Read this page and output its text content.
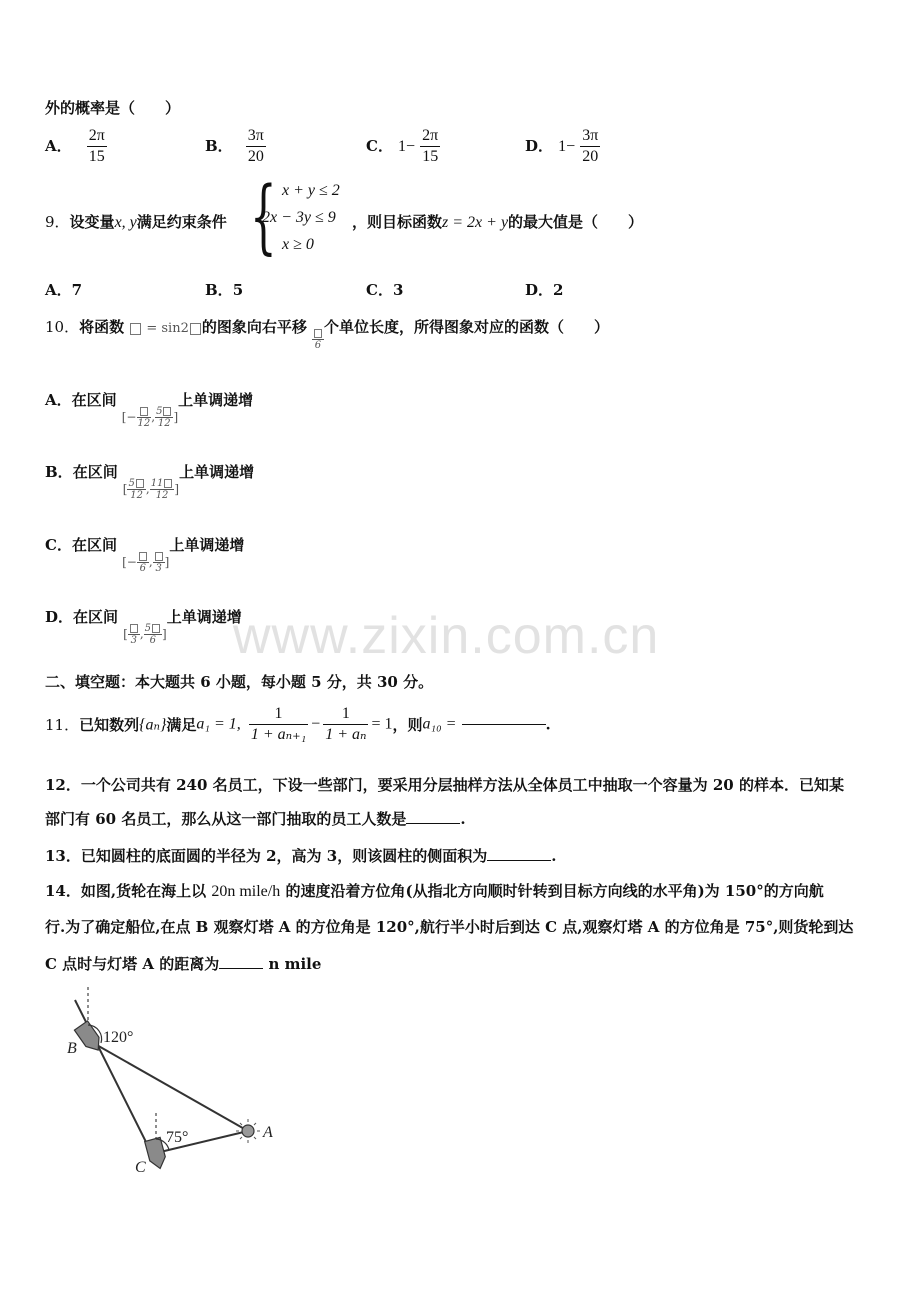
外的概率是（　　）
A． $\frac{2\pi}{15}$	B． $\frac{3\pi}{20}$	C． $1- \frac{2\pi}{15}$	D． $1- \frac{3\pi}{20}$
9．设变量x, y满足约束条件 { x + y ≤ 2
2x − 3y ≤ 9
x ≥ 0
，则目标函数z = 2x + y的最大值是（　　）
A．7	B．5	C．3	D．2
10．将函数  = sin2 的图象向右平移
6
个单位长度，所得图象对应的函数（　　）
A．在区间 $_{[- 12 , \frac{5}{12} ]}$上单调递增
B．在区间 $_{[ \frac{5}{12} , \frac{11}{12} ]}$上单调递增
C．在区间 $_{[- 6 , 3 ]}$上单调递增
D．在区间 $_{[ 3 , \frac{5}{6} ]}$上单调递增
www.zixin.com.cn
二、填空题：本大题共 6 小题，每小题 5 分，共 30 分。
11．已知数列{aₙ}满足a₁ = 1, $\frac{1}{\text{1 + aₙ₊₁}} - \frac{1}{\text{1 + aₙ}} = 1$，则a₁₀ =	.
12．一个公司共有 240 名员工，下设一些部门，要采用分层抽样方法从全体员工中抽取一个容量为 20 的样本．已知某
部门有 60 名员工，那么从这一部门抽取的员工人数是	.
13．已知圆柱的底面圆的半径为 2，高为 3，则该圆柱的侧面积为	.
14．如图,货轮在海上以 20n mile/h 的速度沿着方位角(从指北方向顺时针转到目标方向线的水平角)为 150°的方向航
行.为了确定船位,在点 B 观察灯塔 A 的方位角是 120°,航行半小时后到达 C 点,观察灯塔 A 的方位角是 75°,则货轮到达
C 点时与灯塔 A 的距离为	n mile
120°
75°	A
B
C
